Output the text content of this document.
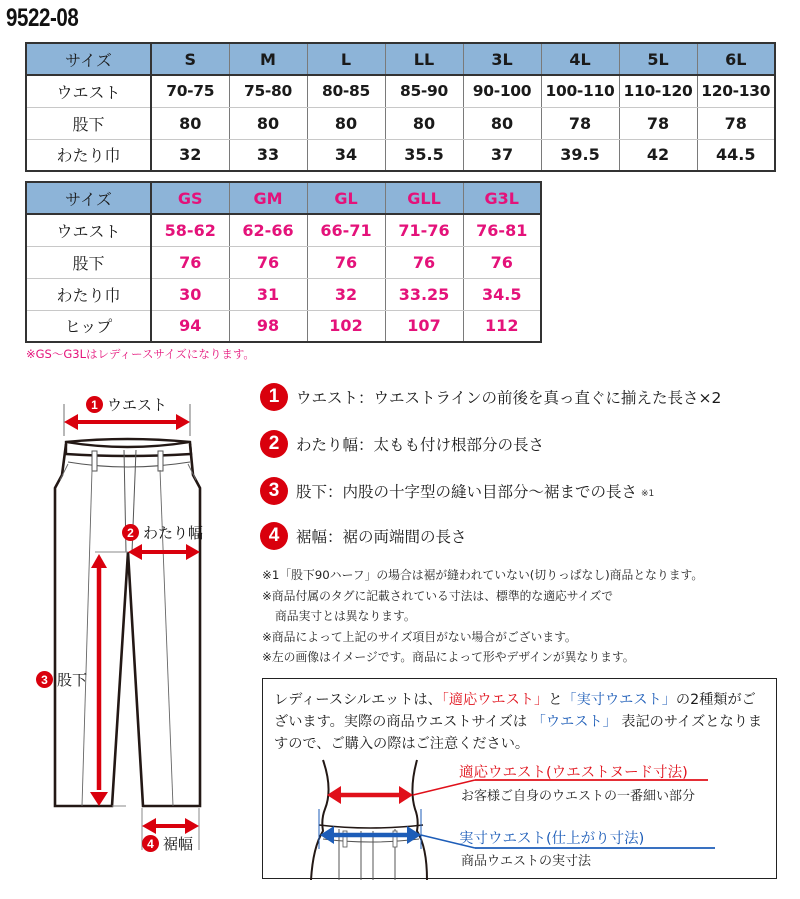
9522-08
サイズ	S	M	L	LL	3L	4L	5L	6L
ウエスト	70-75	75-80	80-85	85-90	90-100	100-110	110-120	120-130
股下	80	80	80	80	80	78	78	78
わたり巾	32	33	34	35.5	37	39.5	42	44.5
サイズ	GS	GM	GL	GLL	G3L
ウエスト	58-62	62-66	66-71	71-76	76-81
股下	76	76	76	76	76
わたり巾	30	31	32	33.25	34.5
ヒップ	94	98	102	107	112
※GS〜G3Lはレディースサイズになります。
1 ウエスト
2 わたり幅
3 股下
4 裾幅
1	ウエスト：ウエストラインの前後を真っ直ぐに揃えた長さ×2
2	わたり幅：太もも付け根部分の長さ
3	股下：内股の十字型の縫い目部分〜裾までの長さ ※1
4	裾幅：裾の両端間の長さ

※1「股下90ハーフ」の場合は裾が縫われていない(切りっぱなし)商品となります。

※商品付属のタグに記載されている寸法は、標準的な適応サイズで

商品実寸とは異なります。

※商品によって上記のサイズ項目がない場合がございます。

※左の画像はイメージです。商品によって形やデザインが異なります。

レディースシルエットは、「適応ウエスト」と「実寸ウエスト」の2種類がございます。実際の商品ウエストサイズは 「ウエスト」 表記のサイズとなりますので、ご購入の際はご注意ください。
適応ウエスト(ウエストヌード寸法)
お客様ご自身のウエストの一番細い部分
実寸ウエスト(仕上がり寸法)
商品ウエストの実寸法
